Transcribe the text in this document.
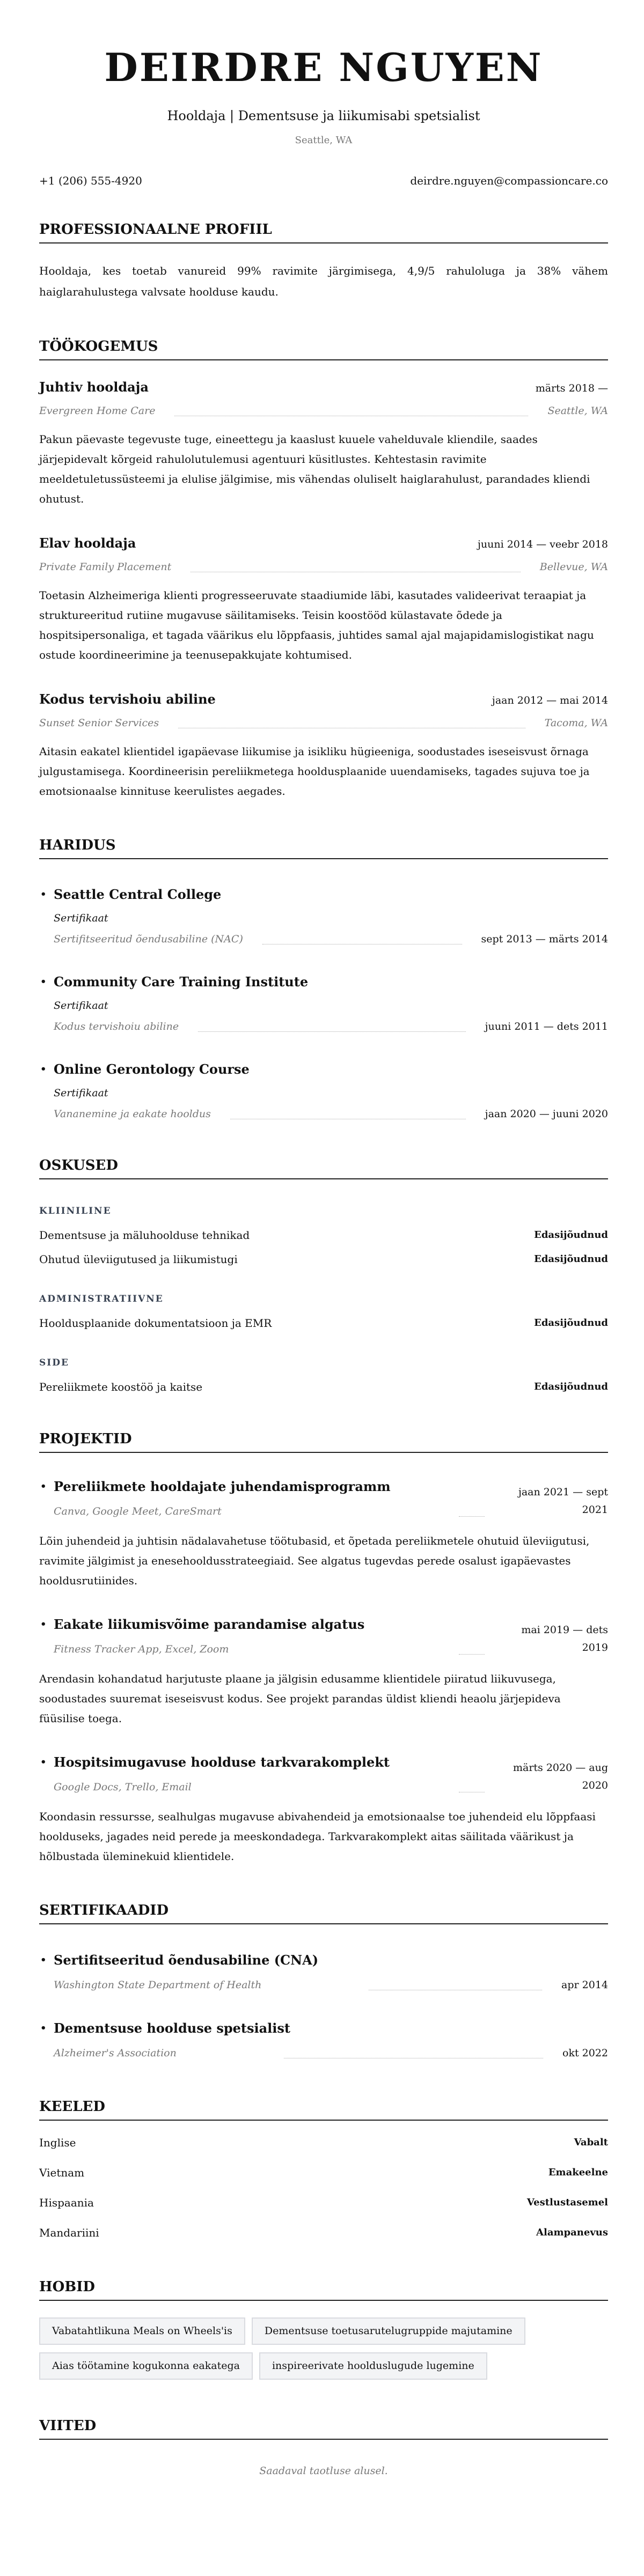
DEIRDRE NGUYEN
Hooldaja | Dementsuse ja liikumisabi spetsialist
Seattle, WA
+1 (206) 555-4920	deirdre.nguyen@compassioncare.co
PROFESSIONAALNE PROFIIL

Hooldaja, kes toetab vanureid 99% ravimite järgimisega, 4,9/5 rahuloluga ja 38% vähem haiglarahulustega valvsate hoolduse kaudu.

TÖÖKOGEMUS
Juhtiv hooldaja	märts 2018 —
Evergreen Home Care	Seattle, WA

Pakun päevaste tegevuste tuge, eineettegu ja kaaslust kuuele vahelduvale kliendile, saades järjepidevalt kõrgeid rahulolutulemusi agentuuri küsitlustes. Kehtestasin ravimite meeldetuletussüsteemi ja elulise jälgimise, mis vähendas oluliselt haiglarahulust, parandades kliendi ohutust.

Elav hooldaja	juuni 2014 — veebr 2018
Private Family Placement	Bellevue, WA

Toetasin Alzheimeriga klienti progresseeruvate staadiumide läbi, kasutades valideerivat teraapiat ja struktureeritud rutiine mugavuse säilitamiseks. Teisin koostööd külastavate õdede ja hospitsipersonaliga, et tagada väärikus elu lõppfaasis, juhtides samal ajal majapidamislogistikat nagu ostude koordineerimine ja teenusepakkujate kohtumised.

Kodus tervishoiu abiline	jaan 2012 — mai 2014
Sunset Senior Services	Tacoma, WA

Aitasin eakatel klientidel igapäevase liikumise ja isikliku hügieeniga, soodustades iseseisvust õrnaga julgustamisega. Koordineerisin pereliikmetega hooldusplaanide uuendamiseks, tagades sujuva toe ja emotsionaalse kinnituse keerulistes aegades.

HARIDUS
• Seattle Central College
Sertifikaat
Sertifitseeritud õendusabiline (NAC)	sept 2013 — märts 2014
• Community Care Training Institute
Sertifikaat
Kodus tervishoiu abiline	juuni 2011 — dets 2011
• Online Gerontology Course
Sertifikaat
Vananemine ja eakate hooldus	jaan 2020 — juuni 2020
OSKUSED
KLIINILINE
Dementsuse ja mäluhoolduse tehnikad	Edasijõudnud
Ohutud üleviigutused ja liikumistugi	Edasijõudnud
ADMINISTRATIIVNE
Hooldusplaanide dokumentatsioon ja EMR	Edasijõudnud
SIDE
Pereliikmete koostöö ja kaitse	Edasijõudnud
PROJEKTID
• Pereliikmete hooldajate juhendamisprogramm
Canva, Google Meet, CareSmart
jaan 2021 — sept 2021

Lõin juhendeid ja juhtisin nädalavahetuse töötubasid, et õpetada pereliikmetele ohutuid üleviigutusi, ravimite jälgimist ja enesehooldusstrateegiaid. See algatus tugevdas perede osalust igapäevastes hooldusrutiinides.

• Eakate liikumisvõime parandamise algatus
Fitness Tracker App, Excel, Zoom
mai 2019 — dets 2019

Arendasin kohandatud harjutuste plaane ja jälgisin edusamme klientidele piiratud liikuvusega, soodustades suuremat iseseisvust kodus. See projekt parandas üldist kliendi heaolu järjepideva füüsilise toega.

• Hospitsimugavuse hoolduse tarkvarakomplekt
Google Docs, Trello, Email
märts 2020 — aug 2020

Koondasin ressursse, sealhulgas mugavuse abivahendeid ja emotsionaalse toe juhendeid elu lõppfaasi hoolduseks, jagades neid perede ja meeskondadega. Tarkvarakomplekt aitas säilitada väärikust ja hõlbustada üleminekuid klientidele.

SERTIFIKAADID
• Sertifitseeritud õendusabiline (CNA)
Washington State Department of Health	apr 2014
• Dementsuse hoolduse spetsialist
Alzheimer's Association	okt 2022
KEELED
Inglise	Vabalt
Vietnam	Emakeelne
Hispaania	Vestlustasemel
Mandariini	Alampanevus
HOBID
Vabatahtlikuna Meals on Wheels'is	Dementsuse toetusarutelugruppide majutamine
Aias töötamine kogukonna eakatega	inspireerivate hoolduslugude lugemine
VIITED

Saadaval taotluse alusel.
